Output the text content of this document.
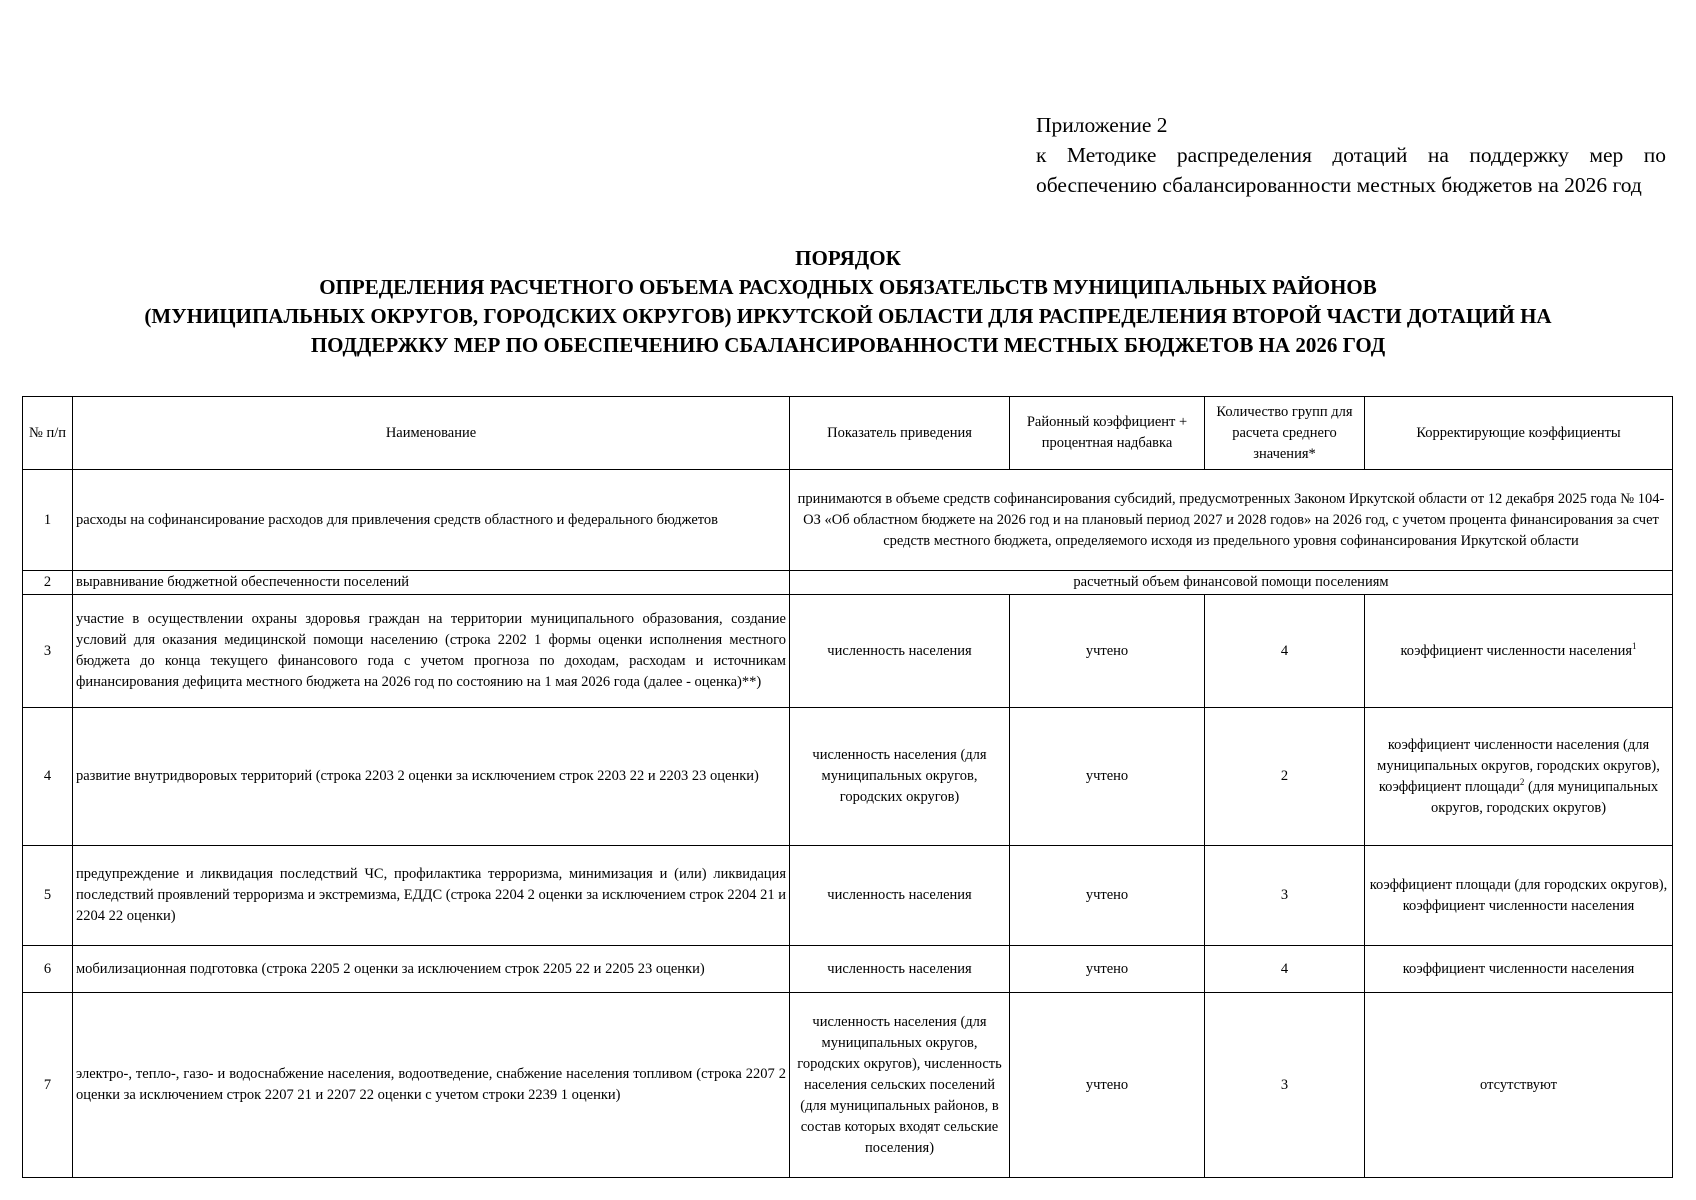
Приложение 2
к Методике распределения дотаций на поддержку мер по обеспечению сбалансированности местных бюджетов на 2026 год
ПОРЯДОК
ОПРЕДЕЛЕНИЯ РАСЧЕТНОГО ОБЪЕМА РАСХОДНЫХ ОБЯЗАТЕЛЬСТВ МУНИЦИПАЛЬНЫХ РАЙОНОВ
(МУНИЦИПАЛЬНЫХ ОКРУГОВ, ГОРОДСКИХ ОКРУГОВ) ИРКУТСКОЙ ОБЛАСТИ ДЛЯ РАСПРЕДЕЛЕНИЯ ВТОРОЙ ЧАСТИ ДОТАЦИЙ НА
ПОДДЕРЖКУ МЕР ПО ОБЕСПЕЧЕНИЮ СБАЛАНСИРОВАННОСТИ МЕСТНЫХ БЮДЖЕТОВ НА 2026 ГОД
№ п/п	Наименование	Показатель приведения	Районный коэффициент + процентная надбавка	Количество групп для расчета среднего значения*	Корректирующие коэффициенты
1	расходы на софинансирование расходов для привлечения средств областного и федерального бюджетов	принимаются в объеме средств софинансирования субсидий, предусмотренных Законом Иркутской области от 12 декабря 2025 года № 104-ОЗ «Об областном бюджете на 2026 год и на плановый период 2027 и 2028 годов» на 2026 год, с учетом процента финансирования за счет средств местного бюджета, определяемого исходя из предельного уровня софинансирования Иркутской области			
2	выравнивание бюджетной обеспеченности поселений	расчетный объем финансовой помощи поселениям			
3	участие в осуществлении охраны здоровья граждан на территории муниципального образования, создание условий для оказания медицинской помощи населению (строка 2202 1 формы оценки исполнения местного бюджета до конца текущего финансового года с учетом прогноза по доходам, расходам и источникам финансирования дефицита местного бюджета на 2026 год по состоянию на 1 мая 2026 года (далее - оценка)**)	численность населения	учтено	4	коэффициент численности населения$^1$
4	развитие внутридворовых территорий (строка 2203 2 оценки за исключением строк 2203 22 и 2203 23 оценки)	численность населения (для муниципальных округов, городских округов)	учтено	2	коэффициент численности населения (для муниципальных округов, городских округов), коэффициент площади$^2$ (для муниципальных округов, городских округов)
5	предупреждение и ликвидация последствий ЧС, профилактика терроризма, минимизация и (или) ликвидация последствий проявлений терроризма и экстремизма, ЕДДС (строка 2204 2 оценки за исключением строк 2204 21 и 2204 22 оценки)	численность населения	учтено	3	коэффициент площади (для городских округов), коэффициент численности населения
6	мобилизационная подготовка (строка 2205 2 оценки за исключением строк 2205 22 и 2205 23 оценки)	численность населения	учтено	4	коэффициент численности населения
7	электро-, тепло-, газо- и водоснабжение населения, водоотведение, снабжение населения топливом (строка 2207 2 оценки за исключением строк 2207 21 и 2207 22 оценки с учетом строки 2239 1 оценки)	численность населения (для муниципальных округов, городских округов), численность населения сельских поселений (для муниципальных районов, в состав которых входят сельские поселения)	учтено	3	отсутствуют
